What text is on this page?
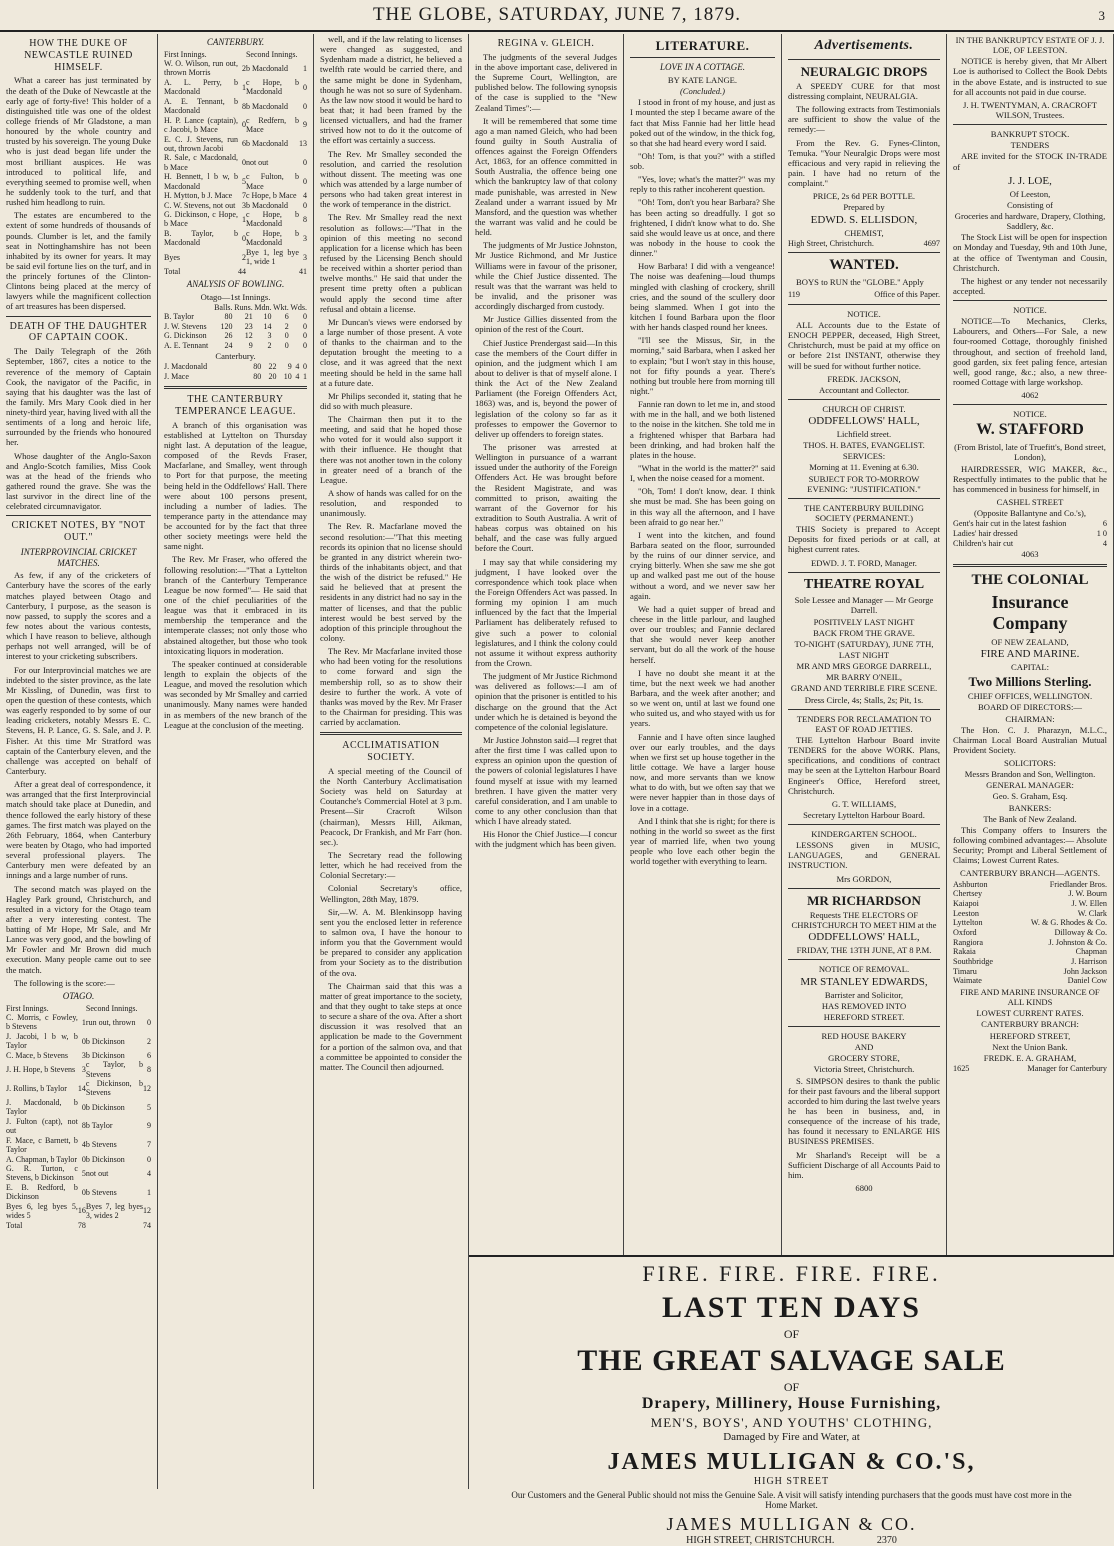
THE GLOBE, SATURDAY, JUNE 7, 1879.	3
HOW THE DUKE OF NEWCASTLE RUINED HIMSELF.

What a career has just terminated by the death of the Duke of Newcastle at the early age of forty-five! This holder of a distinguished title was one of the oldest college friends of Mr Gladstone, a man honoured by the whole country and trusted by his sovereign. The young Duke who is just dead began life under the most brilliant auspices. He was introduced to political life, and everything seemed to promise well, when he suddenly took to the turf, and that rushed him headlong to ruin.

The estates are encumbered to the extent of some hundreds of thousands of pounds. Clumber is let, and the family seat in Nottinghamshire has not been inhabited by its owner for years. It may be said evil fortune lies on the turf, and in the princely fortunes of the Clinton-Clintons being placed at the mercy of lawyers while the magnificent collection of art treasures has been dispersed.

DEATH OF THE DAUGHTER OF CAPTAIN COOK.

The Daily Telegraph of the 26th September, 1867, cites a notice to the reverence of the memory of Captain Cook, the navigator of the Pacific, in saying that his daughter was the last of the family. Mrs Mary Cook died in her ninety-third year, having lived with all the sentiments of a long and heroic life, surrounded by the friends who honoured her.

Whose daughter of the Anglo-Saxon and Anglo-Scotch families, Miss Cook was at the head of the friends who gathered round the grave. She was the last survivor in the direct line of the celebrated circumnavigator.

CRICKET NOTES, BY "NOT OUT."
INTERPROVINCIAL CRICKET MATCHES.

As few, if any of the cricketers of Canterbury have the scores of the early matches played between Otago and Canterbury, I purpose, as the season is now passed, to supply the scores and a few notes about the various contests, which I have reason to believe, although perhaps not well arranged, will be of interest to your cricketing subscribers.

For our Interprovincial matches we are indebted to the sister province, as the late Mr Kissling, of Dunedin, was first to open the question of these contests, which was eagerly responded to by some of our leading cricketers, notably Messrs E. C. Stevens, H. P. Lance, G. S. Sale, and J. P. Fisher. At this time Mr Stratford was captain of the Canterbury eleven, and the challenge was accepted on behalf of Canterbury.

After a great deal of correspondence, it was arranged that the first Interprovincial match should take place at Dunedin, and thence followed the early history of these games. The first match was played on the 26th February, 1864, when Canterbury were beaten by Otago, who had imported several professional players. The Canterbury men were defeated by an innings and a large number of runs.

The second match was played on the Hagley Park ground, Christchurch, and resulted in a victory for the Otago team after a very interesting contest. The batting of Mr Hope, Mr Sale, and Mr Lance was very good, and the bowling of Mr Fowler and Mr Brown did much execution. Many people came out to see the match.

The following is the score:—

OTAGO.
First Innings.		Second Innings.	
C. Morris, c Fowley, b Stevens	1	run out, thrown	0
J. Jacobi, l b w, b Taylor	0	b Dickinson	2
C. Mace, b Stevens	3	b Dickinson	6
J. H. Hope, b Stevens	3	c Taylor, b Stevens	8
J. Rollins, b Taylor	14	c Dickinson, b Stevens	12
J. Macdonald, b Taylor	0	b Dickinson	5
J. Fulton (capt), not out	8	b Taylor	9
F. Mace, c Barnett, b Taylor	4	b Stevens	7
A. Chapman, b Taylor	0	b Dickinson	0
G. R. Turton, c Stevens, b Dickinson	5	not out	4
E. B. Redford, b Dickinson	0	b Stevens	1
Byes 6, leg byes 5, wides 5	16	Byes 7, leg byes 3, wides 2	12
Total	78		74
CANTERBURY.
First Innings.		Second Innings.	
W. O. Wilson, run out, thrown Morris	2	b Macdonald	1
A. L. Perry, b Macdonald	1	c Hope, b Macdonald	0
A. E. Tennant, b Macdonald	8	b Macdonald	0
H. P. Lance (captain), c Jacobi, b Mace	0	c Redfern, b Mace	9
E. C. J. Stevens, run out, thrown Jacobi	6	b Macdonald	13
R. Sale, c Macdonald, b Mace	0	not out	0
H. Bennett, l b w, b Macdonald	5	c Fulton, b Mace	0
H. Mytton, b J. Mace	7	c Hope, b Mace	4
C. W. Stevens, not out	3	b Macdonald	0
G. Dickinson, c Hope, b Mace	1	c Hope, b Macdonald	8
B. Taylor, b Macdonald	0	c Hope, b Macdonald	3
Byes	2	Bye 1, leg bye 1, wide 1	3
Total	44		41
ANALYSIS OF BOWLING.
Otago—1st Innings.
	Balls.	Runs.	Mdn.	Wkt.	Wds.
B. Taylor	80	21	10	6	0
J. W. Stevens	120	23	14	2	0
G. Dickinson	26	12	3	0	0
A. E. Tennant	24	9	2	0	0
Canterbury.
J. Macdonald	80	22	9	4	0
J. Mace	80	20	10	4	1
THE CANTERBURY TEMPERANCE LEAGUE.

A branch of this organisation was established at Lyttelton on Thursday night last. A deputation of the league, composed of the Revds Fraser, Macfarlane, and Smalley, went through to Port for that purpose, the meeting being held in the Oddfellows' Hall. There were about 100 persons present, including a number of ladies. The temperance party in the attendance may be accounted for by the fact that three other society meetings were held the same night.

The Rev. Mr Fraser, who offered the following resolution:—"That a Lyttelton branch of the Canterbury Temperance League be now formed"— He said that one of the chief peculiarities of the league was that it embraced in its membership the temperance and the intemperate classes; not only those who abstained altogether, but those who took intoxicating liquors in moderation.

The speaker continued at considerable length to explain the objects of the League, and moved the resolution which was seconded by Mr Smalley and carried unanimously. Many names were handed in as members of the new branch of the League at the conclusion of the meeting.

well, and if the law relating to licenses were changed as suggested, and Sydenham made a district, he believed a twelfth rate would be carried there, and the same might be done in Sydenham, though he was not so sure of Sydenham. As the law now stood it would be hard to beat that; it had been framed by the licensed victuallers, and had the framer strived how not to do it the outcome of the effort was certainly a success.

The Rev. Mr Smalley seconded the resolution, and carried the resolution without dissent. The meeting was one which was attended by a large number of persons who had taken great interest in the work of temperance in the district.

The Rev. Mr Smalley read the next resolution as follows:—"That in the opinion of this meeting no second application for a license which has been refused by the Licensing Bench should be received within a shorter period than twelve months." He said that under the present time pretty often a publican would apply the second time after refusal and obtain a license.

Mr Duncan's views were endorsed by a large number of those present. A vote of thanks to the chairman and to the deputation brought the meeting to a close, and it was agreed that the next meeting should be held in the same hall at a future date.

Mr Philips seconded it, stating that he did so with much pleasure.

The Chairman then put it to the meeting, and said that he hoped those who voted for it would also support it with their influence. He thought that there was not another town in the colony in greater need of a branch of the League.

A show of hands was called for on the resolution, and responded to unanimously.

The Rev. R. Macfarlane moved the second resolution:—"That this meeting records its opinion that no license should be granted in any district wherein two-thirds of the inhabitants object, and that the wish of the district be refused." He said he believed that at present the residents in any district had no say in the matter of licenses, and that the public interest would be best served by the adoption of this principle throughout the colony.

The Rev. Mr Macfarlane invited those who had been voting for the resolutions to come forward and sign the membership roll, so as to show their desire to further the work. A vote of thanks was moved by the Rev. Mr Fraser to the Chairman for presiding. This was carried by acclamation.

ACCLIMATISATION SOCIETY.

A special meeting of the Council of the North Canterbury Acclimatisation Society was held on Saturday at Coutanche's Commercial Hotel at 3 p.m. Present—Sir Cracroft Wilson (chairman), Messrs Hill, Aikman, Peacock, Dr Frankish, and Mr Farr (hon. sec.).

The Secretary read the following letter, which he had received from the Colonial Secretary:—

Colonial Secretary's office, Wellington, 28th May, 1879.

Sir,—W. A. M. Blenkinsopp having sent you the enclosed letter in reference to salmon ova, I have the honour to inform you that the Government would be prepared to consider any application from your Society as to the distribution of the ova.

The Chairman said that this was a matter of great importance to the society, and that they ought to take steps at once to secure a share of the ova. After a short discussion it was resolved that an application be made to the Government for a portion of the salmon ova, and that a committee be appointed to consider the matter. The Council then adjourned.

REGINA v. GLEICH.

The judgments of the several Judges in the above important case, delivered in the Supreme Court, Wellington, are published below. The following synopsis of the case is supplied to the "New Zealand Times":—

It will be remembered that some time ago a man named Gleich, who had been found guilty in South Australia of offences against the Foreign Offenders Act, 1863, for an offence committed in South Australia, the offence being one which the bankruptcy law of that colony made punishable, was arrested in New Zealand under a warrant issued by Mr Mansford, and the question was whether the warrant was valid and he could be held.

The judgments of Mr Justice Johnston, Mr Justice Richmond, and Mr Justice Williams were in favour of the prisoner, while the Chief Justice dissented. The result was that the warrant was held to be invalid, and the prisoner was accordingly discharged from custody.

Mr Justice Gillies dissented from the opinion of the rest of the Court.

Chief Justice Prendergast said—In this case the members of the Court differ in opinion, and the judgment which I am about to deliver is that of myself alone. I think the Act of the New Zealand Parliament (the Foreign Offenders Act, 1863) was, and is, beyond the power of legislation of the colony so far as it professes to empower the Governor to deliver up offenders to foreign states.

The prisoner was arrested at Wellington in pursuance of a warrant issued under the authority of the Foreign Offenders Act. He was brought before the Resident Magistrate, and was committed to prison, awaiting the warrant of the Governor for his extradition to South Australia. A writ of habeas corpus was obtained on his behalf, and the case was fully argued before the Court.

I may say that while considering my judgment, I have looked over the correspondence which took place when the Foreign Offenders Act was passed. In forming my opinion I am much influenced by the fact that the Imperial Parliament has deliberately refused to give such a power to colonial legislatures, and I think the colony could not assume it without express authority from the Crown.

The judgment of Mr Justice Richmond was delivered as follows:—I am of opinion that the prisoner is entitled to his discharge on the ground that the Act under which he is detained is beyond the competence of the colonial legislature.

Mr Justice Johnston said—I regret that after the first time I was called upon to express an opinion upon the question of the powers of colonial legislatures I have found myself at issue with my learned brethren. I have given the matter very careful consideration, and I am unable to come to any other conclusion than that which I have already stated.

His Honor the Chief Justice—I concur with the judgment which has been given.

LITERATURE.
LOVE IN A COTTAGE.
BY KATE LANGE.
(Concluded.)

I stood in front of my house, and just as I mounted the step I became aware of the fact that Miss Fannie had her little head poked out of the window, in the thick fog, so that she had heard every word I said.

"Oh! Tom, is that you?" with a stifled sob.

"Yes, love; what's the matter?" was my reply to this rather incoherent question.

"Oh! Tom, don't you hear Barbara? She has been acting so dreadfully. I got so frightened, I didn't know what to do. She said she would leave us at once, and there was nobody in the house to cook the dinner."

How Barbara! I did with a vengeance! The noise was deafening—loud thumps mingled with clashing of crockery, shrill cries, and the sound of the scullery door being slammed. When I got into the kitchen I found Barbara upon the floor with her hands clasped round her knees.

"I'll see the Missus, Sir, in the morning," said Barbara, when I asked her to explain; "but I won't stay in this house, not for fifty pounds a year. There's nothing but trouble here from morning till night."

Fannie ran down to let me in, and stood with me in the hall, and we both listened to the noise in the kitchen. She told me in a frightened whisper that Barbara had been drinking, and had broken half the plates in the house.

"What in the world is the matter?" said I, when the noise ceased for a moment.

"Oh, Tom! I don't know, dear. I think she must be mad. She has been going on in this way all the afternoon, and I have been afraid to go near her."

I went into the kitchen, and found Barbara seated on the floor, surrounded by the ruins of our dinner service, and crying bitterly. When she saw me she got up and walked past me out of the house without a word, and we never saw her again.

We had a quiet supper of bread and cheese in the little parlour, and laughed over our troubles; and Fannie declared that she would never keep another servant, but do all the work of the house herself.

I have no doubt she meant it at the time, but the next week we had another Barbara, and the week after another; and so we went on, until at last we found one who suited us, and who stayed with us for years.

Fannie and I have often since laughed over our early troubles, and the days when we first set up house together in the little cottage. We have a larger house now, and more servants than we know what to do with, but we often say that we were never happier than in those days of love in a cottage.

And I think that she is right; for there is nothing in the world so sweet as the first year of married life, when two young people who love each other begin the world together with everything to learn.

Advertisements.
NEURALGIC DROPS

A SPEEDY CURE for that most distressing complaint, NEURALGIA.

The following extracts from Testimonials are sufficient to show the value of the remedy:—

From the Rev. G. Fynes-Clinton, Temuka. "Your Neuralgic Drops were most efficacious and very rapid in relieving the pain. I have had no return of the complaint."

PRICE, 2s 6d PER BOTTLE.
Prepared by
EDWD. S. ELLISDON,
CHEMIST,
High Street, Christchurch.	4697
WANTED.

BOYS to RUN the "GLOBE." Apply

119	Office of this Paper.
NOTICE.

ALL Accounts due to the Estate of ENOCH PEPPER, deceased, High Street, Christchurch, must be paid at my office on or before 21st INSTANT, otherwise they will be sued for without further notice.

FREDK. JACKSON,
Accountant and Collector.
CHURCH OF CHRIST.
ODDFELLOWS' HALL,
Lichfield street.
THOS. H. BATES, EVANGELIST.
SERVICES:
Morning at 11. Evening at 6.30.
SUBJECT FOR TO-MORROW EVENING: "JUSTIFICATION."
THE CANTERBURY BUILDING SOCIETY (PERMANENT.)

THIS Society is prepared to Accept Deposits for fixed periods or at call, at highest current rates.

EDWD. J. T. FORD, Manager.
THEATRE ROYAL
Sole Lessee and Manager — Mr George Darrell.
POSITIVELY LAST NIGHT
BACK FROM THE GRAVE.
TO-NIGHT (SATURDAY), JUNE 7TH,
LAST NIGHT
MR AND MRS GEORGE DARRELL,
MR BARRY O'NEIL,
GRAND AND TERRIBLE FIRE SCENE.
Dress Circle, 4s; Stalls, 2s; Pit, 1s.
TENDERS FOR RECLAMATION TO EAST OF ROAD JETTIES.

THE Lyttelton Harbour Board invite TENDERS for the above WORK. Plans, specifications, and conditions of contract may be seen at the Lyttelton Harbour Board Engineer's Office, Hereford street, Christchurch.

G. T. WILLIAMS,
Secretary Lyttelton Harbour Board.
KINDERGARTEN SCHOOL.

LESSONS given in MUSIC, LANGUAGES, and GENERAL INSTRUCTION.

Mrs GORDON,
MR RICHARDSON
Requests THE ELECTORS OF CHRISTCHURCH TO MEET HIM at the
ODDFELLOWS' HALL,
FRIDAY, THE 13TH JUNE, AT 8 P.M.
NOTICE OF REMOVAL.
MR STANLEY EDWARDS,
Barrister and Solicitor,
HAS REMOVED INTO
HEREFORD STREET.
RED HOUSE BAKERY
AND
GROCERY STORE,
Victoria Street, Christchurch.

S. SIMPSON desires to thank the public for their past favours and the liberal support accorded to him during the last twelve years he has been in business, and, in consequence of the increase of his trade, has found it necessary to ENLARGE HIS BUSINESS PREMISES.

Mr Sharland's Receipt will be a Sufficient Discharge of all Accounts Paid to him.

6800
IN THE BANKRUPTCY ESTATE OF J. J. LOE, OF LEESTON.

NOTICE is hereby given, that Mr Albert Loe is authorised to Collect the Book Debts in the above Estate, and is instructed to sue for all accounts not paid in due course.

J. H. TWENTYMAN, A. CRACROFT WILSON, Trustees.
BANKRUPT STOCK.
TENDERS

ARE invited for the STOCK IN-TRADE of

J. J. LOE,
Of Leeston,
Consisting of
Groceries and hardware, Drapery, Clothing, Saddlery, &c.

The Stock List will be open for inspection on Monday and Tuesday, 9th and 10th June, at the office of Twentyman and Cousin, Christchurch.

The highest or any tender not necessarily accepted.

NOTICE.

NOTICE—To Mechanics, Clerks, Labourers, and Others—For Sale, a new four-roomed Cottage, thoroughly finished throughout, and section of freehold land, good garden, six feet paling fence, artesian well, good range, &c.; also, a new three-roomed Cottage with large workshop.

4062
NOTICE.
W. STAFFORD
(From Bristol, late of Truefitt's, Bond street, London),

HAIRDRESSER, WIG MAKER, &c., Respectfully intimates to the public that he has commenced in business for himself, in

CASHEL STREET
(Opposite Ballantyne and Co.'s),
Gent's hair cut in the latest fashion	6
Ladies' hair dressed	1 0
Children's hair cut	4
4063
THE COLONIAL
Insurance Company
OF NEW ZEALAND,
FIRE AND MARINE.
CAPITAL:
Two Millions Sterling.
CHIEF OFFICES, WELLINGTON.
BOARD OF DIRECTORS:—
CHAIRMAN:

The Hon. C. J. Pharazyn, M.L.C., Chairman Local Board Australian Mutual Provident Society.

SOLICITORS:
Messrs Brandon and Son, Wellington.
GENERAL MANAGER:
Geo. S. Graham, Esq.
BANKERS:
The Bank of New Zealand.

This Company offers to Insurers the following combined advantages:— Absolute Security; Prompt and Liberal Settlement of Claims; Lowest Current Rates.

CANTERBURY BRANCH—AGENTS.
Ashburton	Friedlander Bros.
Chertsey	J. W. Bourn
Kaiapoi	J. W. Ellen
Leeston	W. Clark
Lyttelton	W. & G. Rhodes & Co.
Oxford	Dilloway & Co.
Rangiora	J. Johnston & Co.
Rakaia	Chapman
Southbridge	J. Harrison
Timaru	John Jackson
Waimate	Daniel Cow
FIRE AND MARINE INSURANCE OF ALL KINDS
LOWEST CURRENT RATES.
CANTERBURY BRANCH:
HEREFORD STREET,
Next the Union Bank.
FREDK. E. A. GRAHAM,
1625	Manager for Canterbury
FIRE. FIRE. FIRE. FIRE.
LAST TEN DAYS
OF
THE GREAT SALVAGE SALE
OF
Drapery, Millinery, House Furnishing,
MEN'S, BOYS', AND YOUTHS' CLOTHING,
Damaged by Fire and Water, at
JAMES MULLIGAN & CO.'S,
HIGH STREET
Our Customers and the General Public should not miss the Genuine Sale. A visit will satisfy intending purchasers that the goods must have cost more in the Home Market.
JAMES MULLIGAN & CO.
HIGH STREET, CHRISTCHURCH.	2370
